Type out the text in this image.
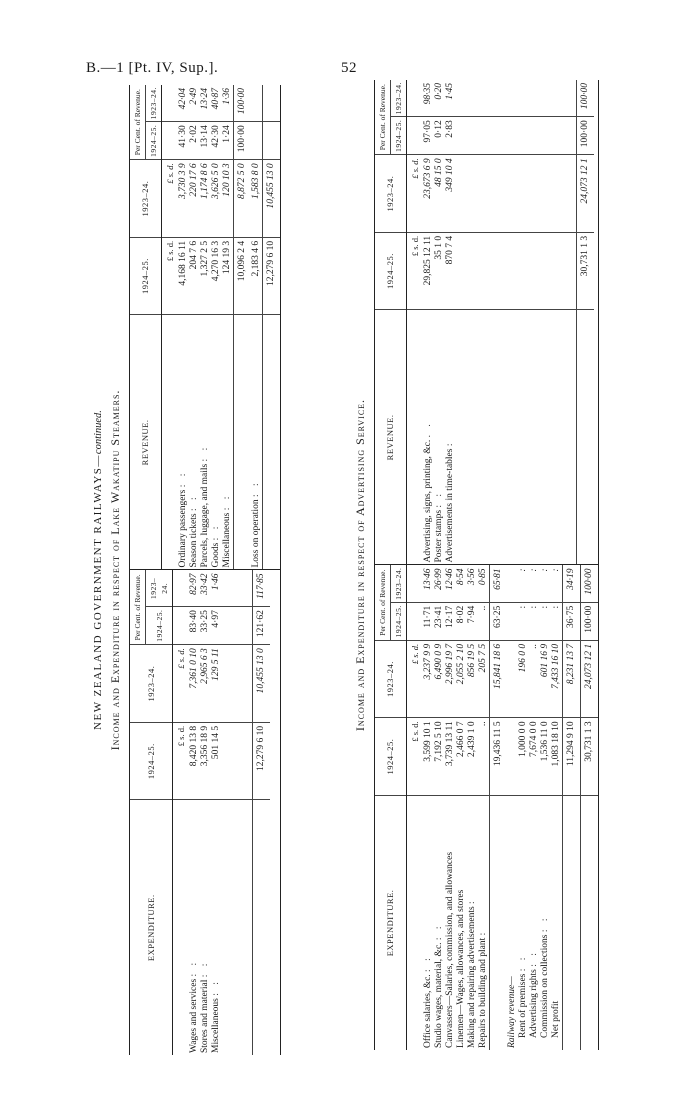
B.—1 [Pt. IV, Sup.].	52

NEW ZEALAND GOVERNMENT RAILWAYS—continued. Income and Expenditure in respect of Lake Wakatipu Steamers.

EXPENDITURE.	1924–25.	1923–24.	Per Cent. of Revenue.	
			1924–25.	1923–24.
	£ s. d.	£ s. d.		
Wages and services : :	8,420 13 8	7,361 0 10	83·40	82·97
Stores and material : :	3,356 18 9	2,965 6 3	33·25	33·42
Miscellaneous : :	501 14 5	129 5 11	4·97	1·46

	12,279 6 10	10,455 13 0	121·62	117·85
REVENUE.	1924–25.	1923–24.	Per Cent. of Revenue.	
			1924–25.	1923–24.
	£ s. d.	£ s. d.		
Ordinary passengers : :	4,168 16 11	3,730 3 9	41·30	42·04
Season tickets : :	204 7 6	220 17 6	2·02	2·49
Parcels, luggage, and mails : :	1,327 2 5	1,174 8 6	13·14	13·24
Goods : :	4,270 16 3	3,626 5 0	42·30	40·87
Miscellaneous : :	124 19 3	120 10 3	1·24	1·36
	10,096 2 4	8,872 5 0	100·00	100·00
Loss on operation : :	2,183 4 6	1,583 8 0		
	12,279 6 10	10,455 13 0		

Income and Expenditure in respect of Advertising Service.

EXPENDITURE.	1924–25.	1923–24.	Per Cent. of Revenue.	
			1924–25.	1923–24.
	£ s. d.	£ s. d.		
Office salaries, &c. : :	3,599 10 1	3,237 9 9	11·71	13·46
Studio wages, material, &c. : :	7,192 5 10	6,490 0 9	23·41	26·99
Canvassers—Salaries, commission, and allowances	3,739 13 11	2,996 19 7	12·17	12·46
Linemen—Wages, allowances, and stores	2,466 0 7	2,055 2 10	8·02	8·54
Making and repairing advertisements :	2,439 1 0	856 19 5	7·94	3·56
Repairs to building and plant :	..	205 7 5	..	0·85
	19,436 11 5	15,841 18 6	63·25	65·81
Railway revenue—				
Rent of premises : :	1,000 0 0	196 0 0	:	:
Advertising rights : :	7,674 0 0	..	:	:
Commission on collections : :	1,536 11 0	601 16 9	:	:
Net profit	1,083 18 10	7,433 16 10	:	:
	11,294 9 10	8,231 13 7	36·75	34·19
	30,731 1 3	24,073 12 1	100·00	100·00
REVENUE.	1924–25.	1923–24.	Per Cent. of Revenue.	
			1924–25.	1923–24.
	£ s. d.	£ s. d.		
Advertising, signs, printing, &c. . .	29,825 12 11	23,673 6 9	97·05	98·35
Poster stamps : :	35 1 0	48 15 0	0·12	0·20
Advertisements in time-tables :	870 7 4	349 10 4	2·83	1·45

	30,731 1 3	24,073 12 1	100·00	100·00
